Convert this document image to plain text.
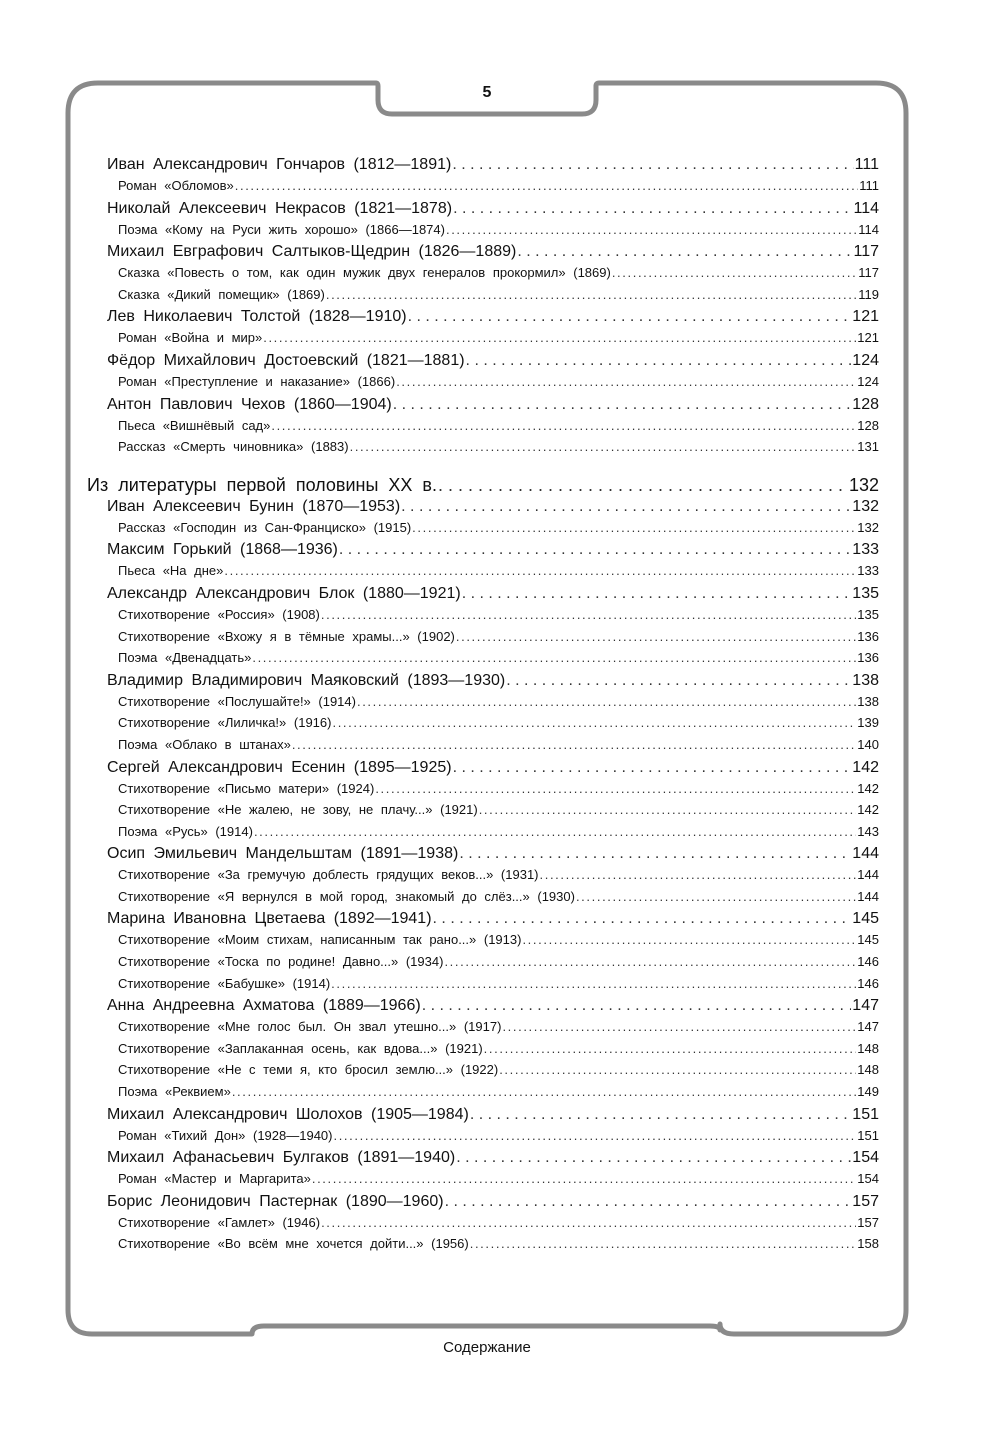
5
Иван Александрович Гончаров (1812—1891) . . .	111
Роман «Обломов» . . .	111
Николай Алексеевич Некрасов (1821—1878) . . .	114
Поэма «Кому на Руси жить хорошо» (1866—1874) . . .	114
Михаил Евграфович Салтыков-Щедрин (1826—1889) . . .	117
Сказка «Повесть о том, как один мужик двух генералов прокормил» (1869) . . .	117
Сказка «Дикий помещик» (1869) . . .	119
Лев Николаевич Толстой (1828—1910) . . .	121
Роман «Война и мир» . . .	121
Фёдор Михайлович Достоевский (1821—1881) . . .	124
Роман «Преступление и наказание» (1866) . . .	124
Антон Павлович Чехов (1860—1904) . . .	128
Пьеса «Вишнёвый сад» . . .	128
Рассказ «Смерть чиновника» (1883) . . .	131
Из литературы первой половины XX в. . . .	132
Иван Алексеевич Бунин (1870—1953) . . .	132
Рассказ «Господин из Сан-Франциско» (1915) . . .	132
Максим Горький (1868—1936) . . .	133
Пьеса «На дне» . . .	133
Александр Александрович Блок (1880—1921) . . .	135
Стихотворение «Россия» (1908) . . .	135
Стихотворение «Вхожу я в тёмные храмы...» (1902) . . .	136
Поэма «Двенадцать» . . .	136
Владимир Владимирович Маяковский (1893—1930) . . .	138
Стихотворение «Послушайте!» (1914) . . .	138
Стихотворение «Лиличка!» (1916) . . .	139
Поэма «Облако в штанах» . . .	140
Сергей Александрович Есенин (1895—1925) . . .	142
Стихотворение «Письмо матери» (1924) . . .	142
Стихотворение «Не жалею, не зову, не плачу...» (1921) . . .	142
Поэма «Русь» (1914) . . .	143
Осип Эмильевич Мандельштам (1891—1938) . . .	144
Стихотворение «За гремучую доблесть грядущих веков...» (1931) . . .	144
Стихотворение «Я вернулся в мой город, знакомый до слёз...» (1930) . . .	144
Марина Ивановна Цветаева (1892—1941) . . .	145
Стихотворение «Моим стихам, написанным так рано...» (1913) . . .	145
Стихотворение «Тоска по родине! Давно...» (1934) . . .	146
Стихотворение «Бабушке» (1914) . . .	146
Анна Андреевна Ахматова (1889—1966) . . .	147
Стихотворение «Мне голос был. Он звал утешно...» (1917) . . .	147
Стихотворение «Заплаканная осень, как вдова...» (1921) . . .	148
Стихотворение «Не с теми я, кто бросил землю...» (1922) . . .	148
Поэма «Реквием» . . .	149
Михаил Александрович Шолохов (1905—1984) . . .	151
Роман «Тихий Дон» (1928—1940) . . .	151
Михаил Афанасьевич Булгаков (1891—1940) . . .	154
Роман «Мастер и Маргарита» . . .	154
Борис Леонидович Пастернак (1890—1960) . . .	157
Стихотворение «Гамлет» (1946) . . .	157
Стихотворение «Во всём мне хочется дойти...» (1956) . . .	158
Содержание
